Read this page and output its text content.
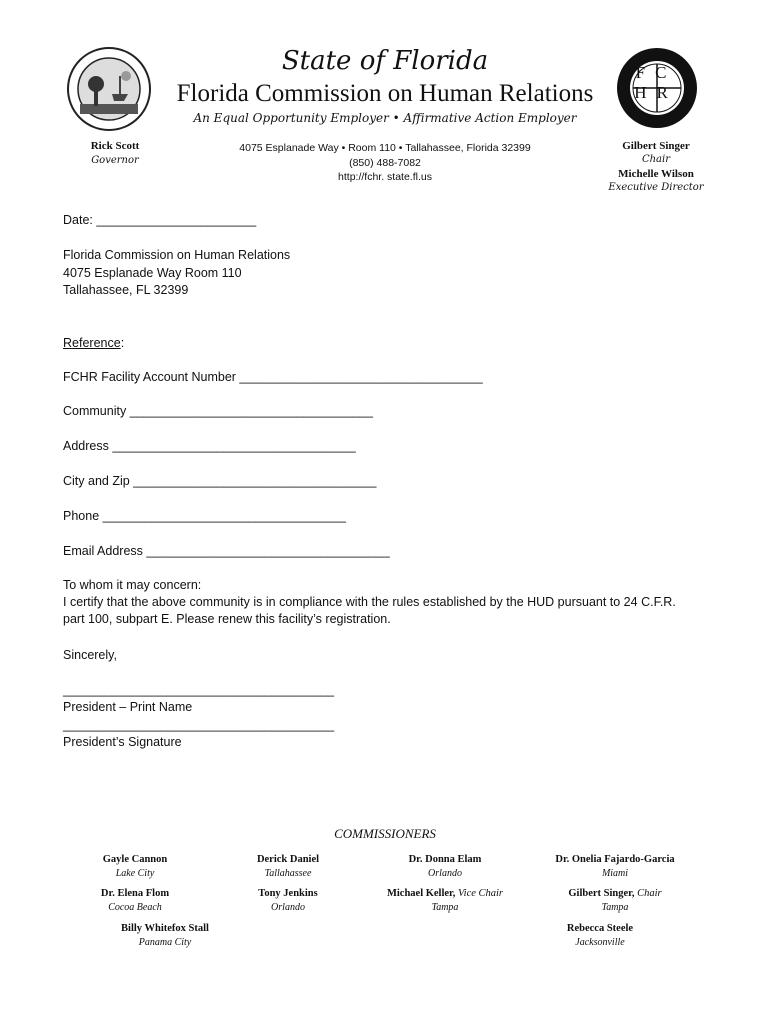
FC
HR
State of Florida
Florida Commission on Human Relations
An Equal Opportunity Employer • Affirmative Action Employer
Rick Scott
Governor
4075 Esplanade Way • Room 110 • Tallahassee, Florida 32399
(850) 488-7082
http://fchr. state.fl.us
Gilbert Singer
Chair
Michelle Wilson
Executive Director
Date: _______________________
Florida Commission on Human Relations
4075 Esplanade Way Room 110
Tallahassee, FL 32399
Reference:
FCHR Facility Account Number ___________________________________
Community ___________________________________
Address ___________________________________
City and Zip ___________________________________
Phone ___________________________________
Email Address ___________________________________
To whom it may concern:
I certify that the above community is in compliance with the rules established by the HUD pursuant to 24 C.F.R.
part 100, subpart E. Please renew this facility’s registration.
Sincerely,
_______________________________________
President – Print Name
_______________________________________
President’s Signature
COMMISSIONERS
Gayle Cannon
Lake City
Derick Daniel
Tallahassee
Dr. Donna Elam
Orlando
Dr. Onelia Fajardo-Garcia
Miami
Dr. Elena Flom
Cocoa Beach
Tony Jenkins
Orlando
Michael Keller, Vice Chair
Tampa
Gilbert Singer, Chair
Tampa
Billy Whitefox Stall
Panama City
Rebecca Steele
Jacksonville
